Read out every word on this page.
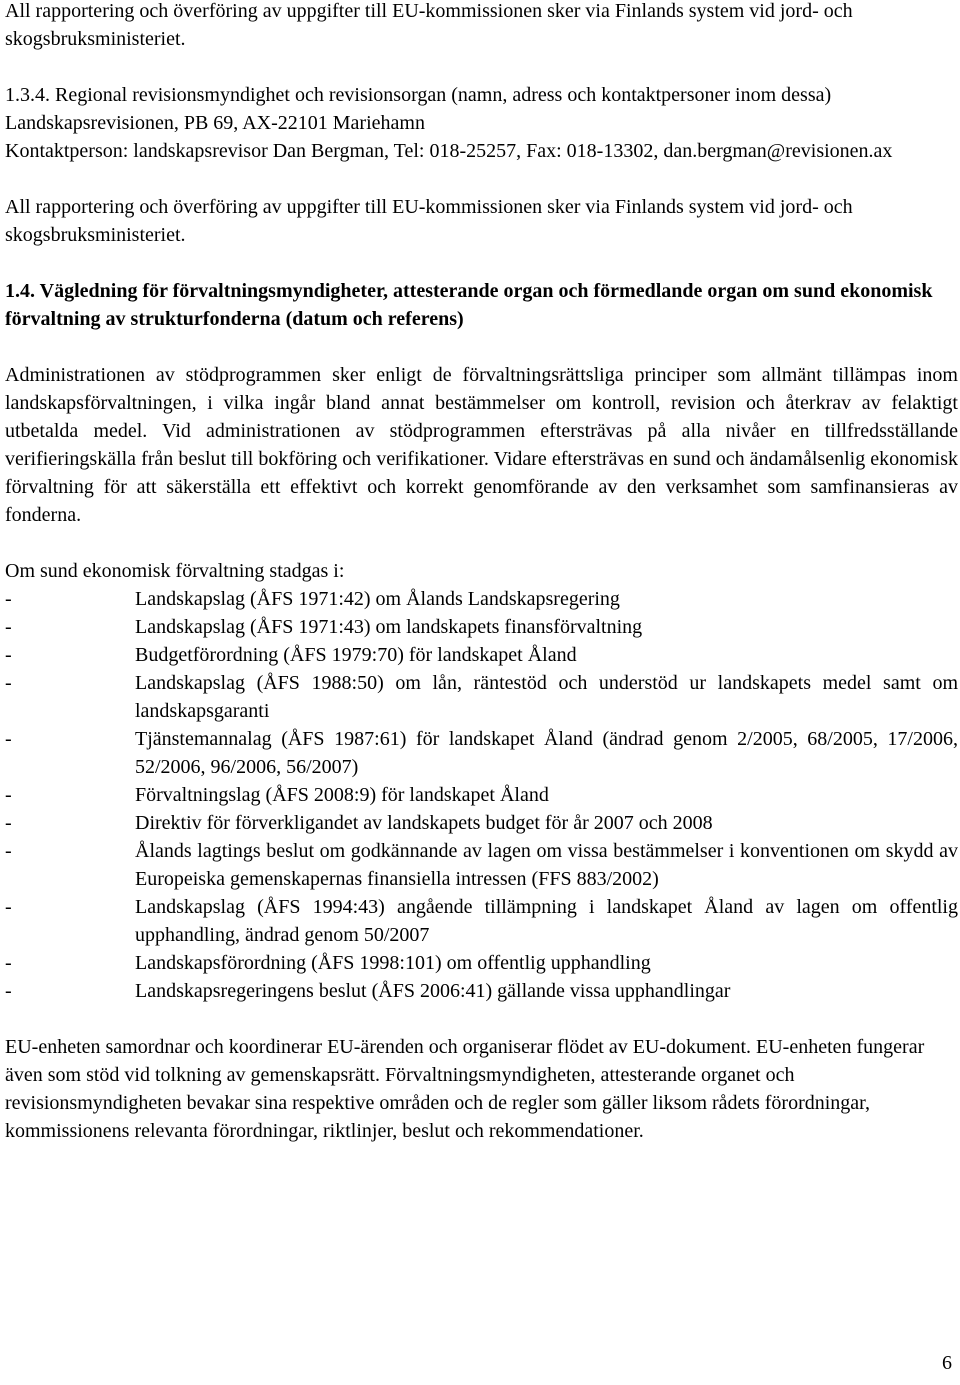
All rapportering och överföring av uppgifter till EU-kommissionen sker via Finlands system vid jord- och skogsbruksministeriet.

1.3.4. Regional revisionsmyndighet och revisionsorgan (namn, adress och kontaktpersoner inom dessa)

Landskapsrevisionen, PB 69, AX-22101 Mariehamn

Kontaktperson: landskapsrevisor Dan Bergman, Tel: 018-25257, Fax: 018-13302, dan.bergman@revisionen.ax

All rapportering och överföring av uppgifter till EU-kommissionen sker via Finlands system vid jord- och skogsbruksministeriet.

1.4. Vägledning för förvaltningsmyndigheter, attesterande organ och förmedlande organ om sund ekonomisk förvaltning av strukturfonderna (datum och referens)

Administrationen av stödprogrammen sker enligt de förvaltningsrättsliga principer som allmänt tillämpas inom landskapsförvaltningen, i vilka ingår bland annat bestämmelser om kontroll, revision och återkrav av felaktigt utbetalda medel. Vid administrationen av stödprogrammen eftersträvas på alla nivåer en tillfredsställande verifieringskälla från beslut till bokföring och verifikationer. Vidare eftersträvas en sund och ändamålsenlig ekonomisk förvaltning för att säkerställa ett effektivt och korrekt genomförande av den verksamhet som samfinansieras av fonderna.

Om sund ekonomisk förvaltning stadgas i:

-	Landskapslag (ÅFS 1971:42) om Ålands Landskapsregering
-	Landskapslag (ÅFS 1971:43) om landskapets finansförvaltning
-	Budgetförordning (ÅFS 1979:70) för landskapet Åland
-	Landskapslag (ÅFS 1988:50) om lån, räntestöd och understöd ur landskapets medel samt om landskapsgaranti
-	Tjänstemannalag (ÅFS 1987:61) för landskapet Åland (ändrad genom 2/2005, 68/2005, 17/2006, 52/2006, 96/2006, 56/2007)
-	Förvaltningslag (ÅFS 2008:9) för landskapet Åland
-	Direktiv för förverkligandet av landskapets budget för år 2007 och 2008
-	Ålands lagtings beslut om godkännande av lagen om vissa bestämmelser i konventionen om skydd av Europeiska gemenskapernas finansiella intressen (FFS 883/2002)
-	Landskapslag (ÅFS 1994:43) angående tillämpning i landskapet Åland av lagen om offentlig upphandling, ändrad genom 50/2007
-	Landskapsförordning (ÅFS 1998:101) om offentlig upphandling
-	Landskapsregeringens beslut (ÅFS 2006:41) gällande vissa upphandlingar

EU-enheten samordnar och koordinerar EU-ärenden och organiserar flödet av EU-dokument. EU-enheten fungerar även som stöd vid tolkning av gemenskapsrätt. Förvaltningsmyndigheten, attesterande organet och revisionsmyndigheten bevakar sina respektive områden och de regler som gäller liksom rådets förordningar, kommissionens relevanta förordningar, riktlinjer, beslut och rekommendationer.

6
